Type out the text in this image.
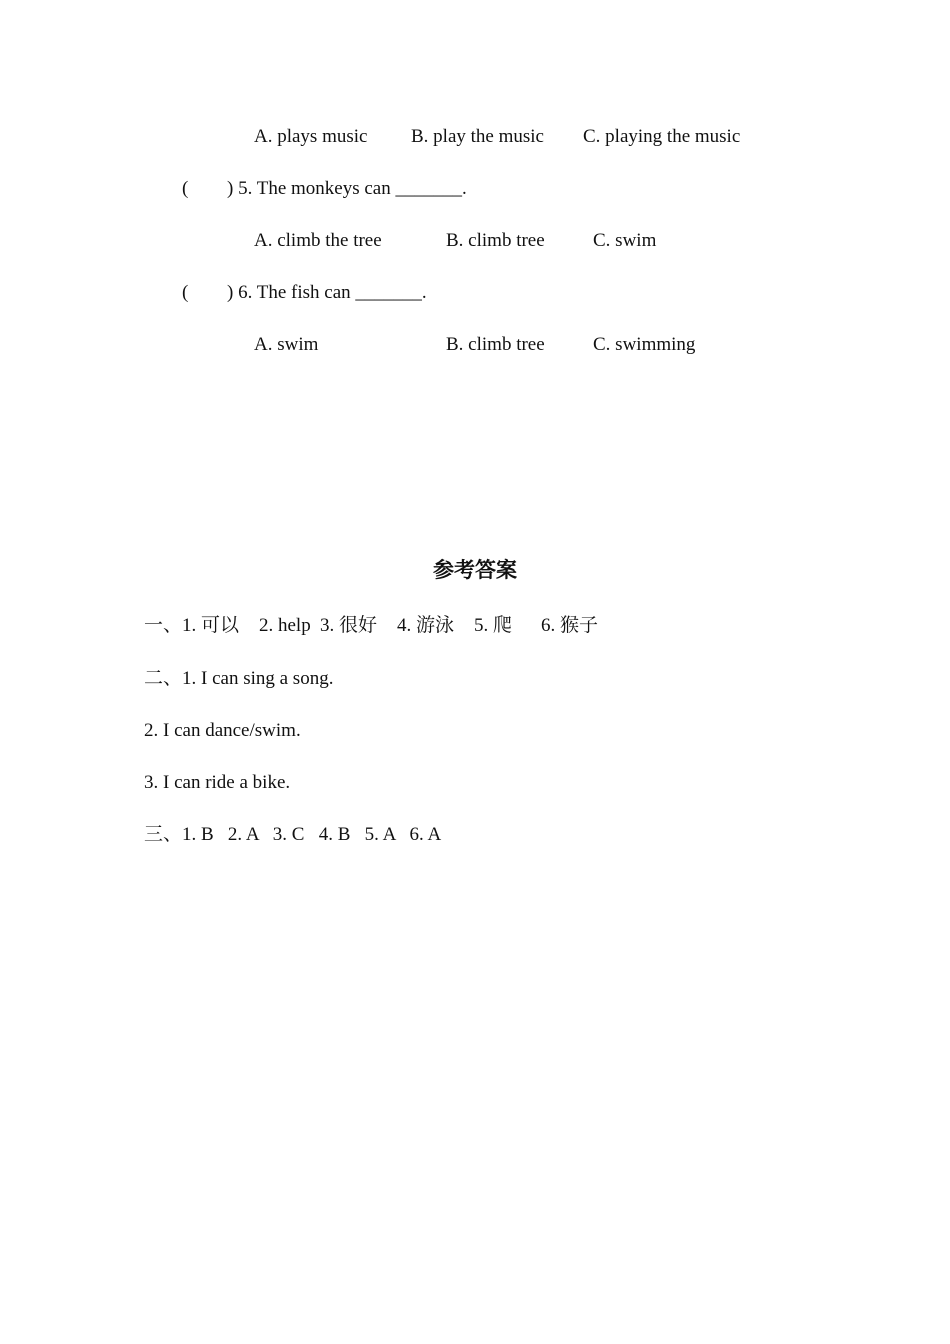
A. plays music B. play the music C. playing the music
( ) 5. The monkeys can _______.
A. climb the tree	B. climb tree	C. swim
( ) 6. The fish can _______.
A. swim	B. climb tree	C. swimming
参考答案
一、1. 可以 2. help 3. 很好 4. 游泳 5. 爬 6. 猴子
二、1. I can sing a song.
2. I can dance/swim.
3. I can ride a bike.
三、1. B   2. A   3. C   4. B   5. A   6. A
